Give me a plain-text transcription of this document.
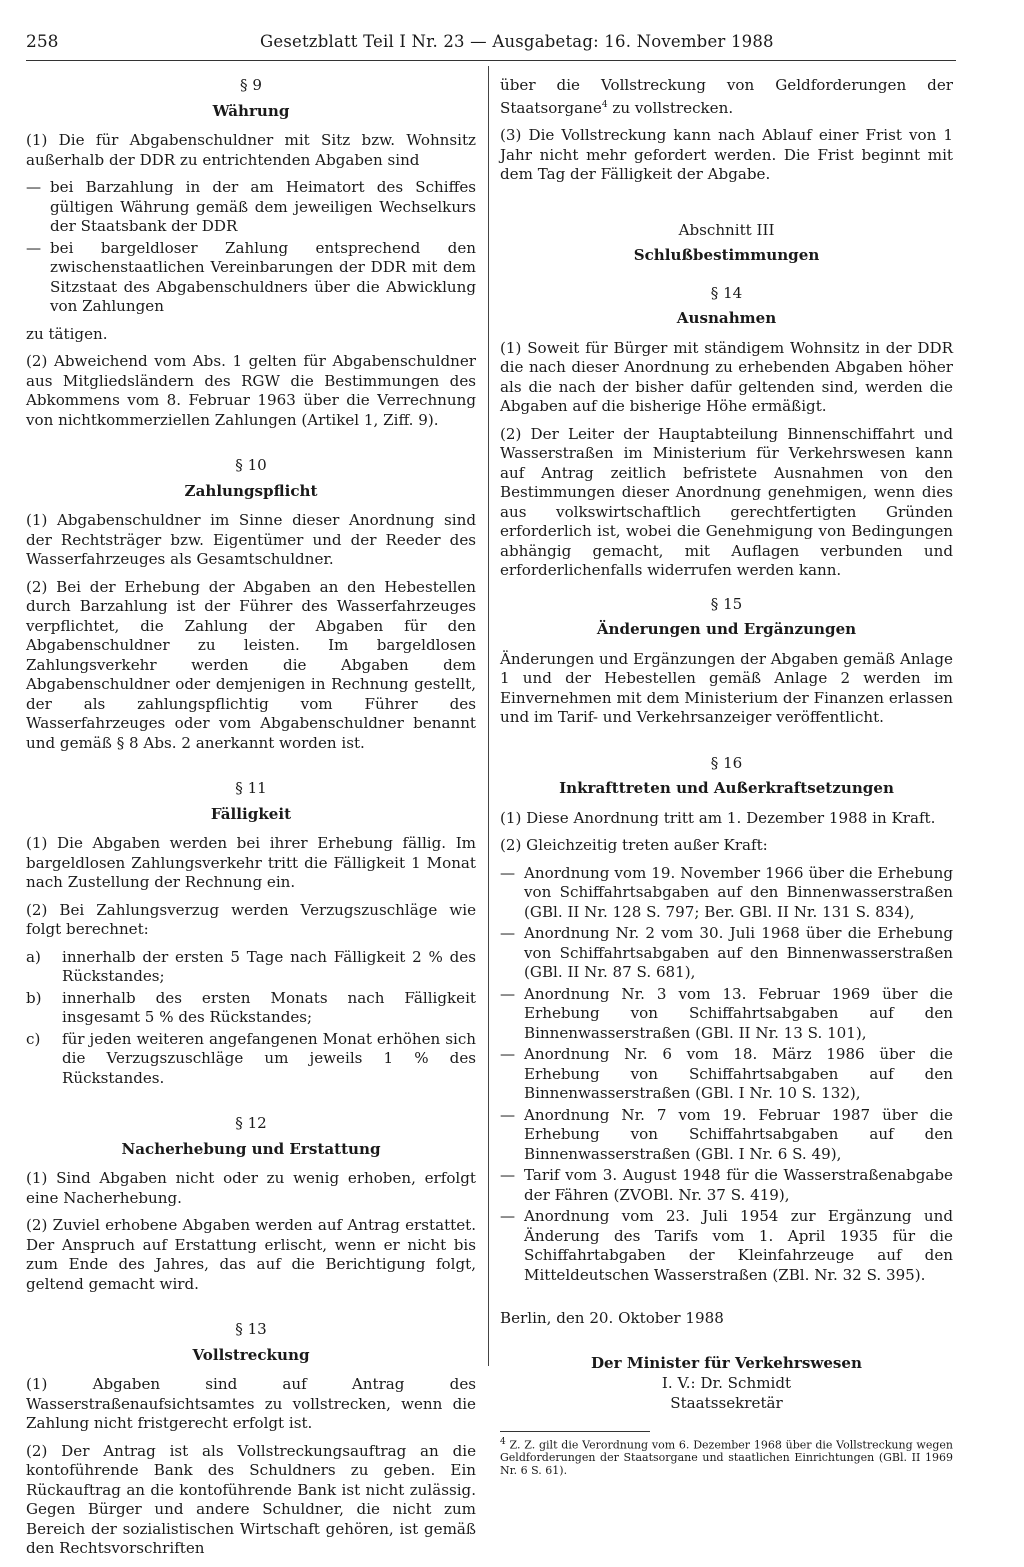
258	Gesetzblatt Teil I Nr. 23 — Ausgabetag: 16. November 1988

§ 9

Währung

(1) Die für Abgabenschuldner mit Sitz bzw. Wohnsitz außerhalb der DDR zu entrichtenden Abgaben sind

— bei Barzahlung in der am Heimatort des Schiffes gültigen Währung gemäß dem jeweiligen Wechselkurs der Staatsbank der DDR
— bei bargeldloser Zahlung entsprechend den zwischenstaatlichen Vereinbarungen der DDR mit dem Sitzstaat des Abgabenschuldners über die Abwicklung von Zahlungen

zu tätigen.

(2) Abweichend vom Abs. 1 gelten für Abgabenschuldner aus Mitgliedsländern des RGW die Bestimmungen des Abkommens vom 8. Februar 1963 über die Verrechnung von nichtkommerziellen Zahlungen (Artikel 1, Ziff. 9).

§ 10

Zahlungspflicht

(1) Abgabenschuldner im Sinne dieser Anordnung sind der Rechtsträger bzw. Eigentümer und der Reeder des Wasserfahrzeuges als Gesamtschuldner.

(2) Bei der Erhebung der Abgaben an den Hebestellen durch Barzahlung ist der Führer des Wasserfahrzeuges verpflichtet, die Zahlung der Abgaben für den Abgabenschuldner zu leisten. Im bargeldlosen Zahlungsverkehr werden die Abgaben dem Abgabenschuldner oder demjenigen in Rechnung gestellt, der als zahlungspflichtig vom Führer des Wasserfahrzeuges oder vom Abgabenschuldner benannt und gemäß § 8 Abs. 2 anerkannt worden ist.

§ 11

Fälligkeit

(1) Die Abgaben werden bei ihrer Erhebung fällig. Im bargeldlosen Zahlungsverkehr tritt die Fälligkeit 1 Monat nach Zustellung der Rechnung ein.

(2) Bei Zahlungsverzug werden Verzugszuschläge wie folgt berechnet:

a) innerhalb der ersten 5 Tage nach Fälligkeit 2 % des Rückstandes;
b) innerhalb des ersten Monats nach Fälligkeit insgesamt 5 % des Rückstandes;
c) für jeden weiteren angefangenen Monat erhöhen sich die Verzugszuschläge um jeweils 1 % des Rückstandes.

§ 12

Nacherhebung und Erstattung

(1) Sind Abgaben nicht oder zu wenig erhoben, erfolgt eine Nacherhebung.

(2) Zuviel erhobene Abgaben werden auf Antrag erstattet. Der Anspruch auf Erstattung erlischt, wenn er nicht bis zum Ende des Jahres, das auf die Berichtigung folgt, geltend gemacht wird.

§ 13

Vollstreckung

(1) Abgaben sind auf Antrag des Wasserstraßenaufsichtsamtes zu vollstrecken, wenn die Zahlung nicht fristgerecht erfolgt ist.

(2) Der Antrag ist als Vollstreckungsauftrag an die kontoführende Bank des Schuldners zu geben. Ein Rückauftrag an die kontoführende Bank ist nicht zulässig. Gegen Bürger und andere Schuldner, die nicht zum Bereich der sozialistischen Wirtschaft gehören, ist gemäß den Rechtsvorschriften

über die Vollstreckung von Geldforderungen der Staatsorgane$^4$ zu vollstrecken.

(3) Die Vollstreckung kann nach Ablauf einer Frist von 1 Jahr nicht mehr gefordert werden. Die Frist beginnt mit dem Tag der Fälligkeit der Abgabe.

Abschnitt III

Schlußbestimmungen

§ 14

Ausnahmen

(1) Soweit für Bürger mit ständigem Wohnsitz in der DDR die nach dieser Anordnung zu erhebenden Abgaben höher als die nach der bisher dafür geltenden sind, werden die Abgaben auf die bisherige Höhe ermäßigt.

(2) Der Leiter der Hauptabteilung Binnenschiffahrt und Wasserstraßen im Ministerium für Verkehrswesen kann auf Antrag zeitlich befristete Ausnahmen von den Bestimmungen dieser Anordnung genehmigen, wenn dies aus volkswirtschaftlich gerechtfertigten Gründen erforderlich ist, wobei die Genehmigung von Bedingungen abhängig gemacht, mit Auflagen verbunden und erforderlichenfalls widerrufen werden kann.

§ 15

Änderungen und Ergänzungen

Änderungen und Ergänzungen der Abgaben gemäß Anlage 1 und der Hebestellen gemäß Anlage 2 werden im Einvernehmen mit dem Ministerium der Finanzen erlassen und im Tarif- und Verkehrsanzeiger veröffentlicht.

§ 16

Inkrafttreten und Außerkraftsetzungen

(1) Diese Anordnung tritt am 1. Dezember 1988 in Kraft.

(2) Gleichzeitig treten außer Kraft:

— Anordnung vom 19. November 1966 über die Erhebung von Schiffahrtsabgaben auf den Binnenwasserstraßen (GBl. II Nr. 128 S. 797; Ber. GBl. II Nr. 131 S. 834),
— Anordnung Nr. 2 vom 30. Juli 1968 über die Erhebung von Schiffahrtsabgaben auf den Binnenwasserstraßen (GBl. II Nr. 87 S. 681),
— Anordnung Nr. 3 vom 13. Februar 1969 über die Erhebung von Schiffahrtsabgaben auf den Binnenwasserstraßen (GBl. II Nr. 13 S. 101),
— Anordnung Nr. 6 vom 18. März 1986 über die Erhebung von Schiffahrtsabgaben auf den Binnenwasserstraßen (GBl. I Nr. 10 S. 132),
— Anordnung Nr. 7 vom 19. Februar 1987 über die Erhebung von Schiffahrtsabgaben auf den Binnenwasserstraßen (GBl. I Nr. 6 S. 49),
— Tarif vom 3. August 1948 für die Wasserstraßenabgabe der Fähren (ZVOBl. Nr. 37 S. 419),
— Anordnung vom 23. Juli 1954 zur Ergänzung und Änderung des Tarifs vom 1. April 1935 für die Schiffahrtabgaben der Kleinfahrzeuge auf den Mitteldeutschen Wasserstraßen (ZBl. Nr. 32 S. 395).

Berlin, den 20. Oktober 1988

Der Minister für Verkehrswesen
I. V.: Dr. Schmidt
Staatssekretär
$^4$ Z. Z. gilt die Verordnung vom 6. Dezember 1968 über die Vollstreckung wegen Geldforderungen der Staatsorgane und staatlichen Einrichtungen (GBl. II 1969 Nr. 6 S. 61).
